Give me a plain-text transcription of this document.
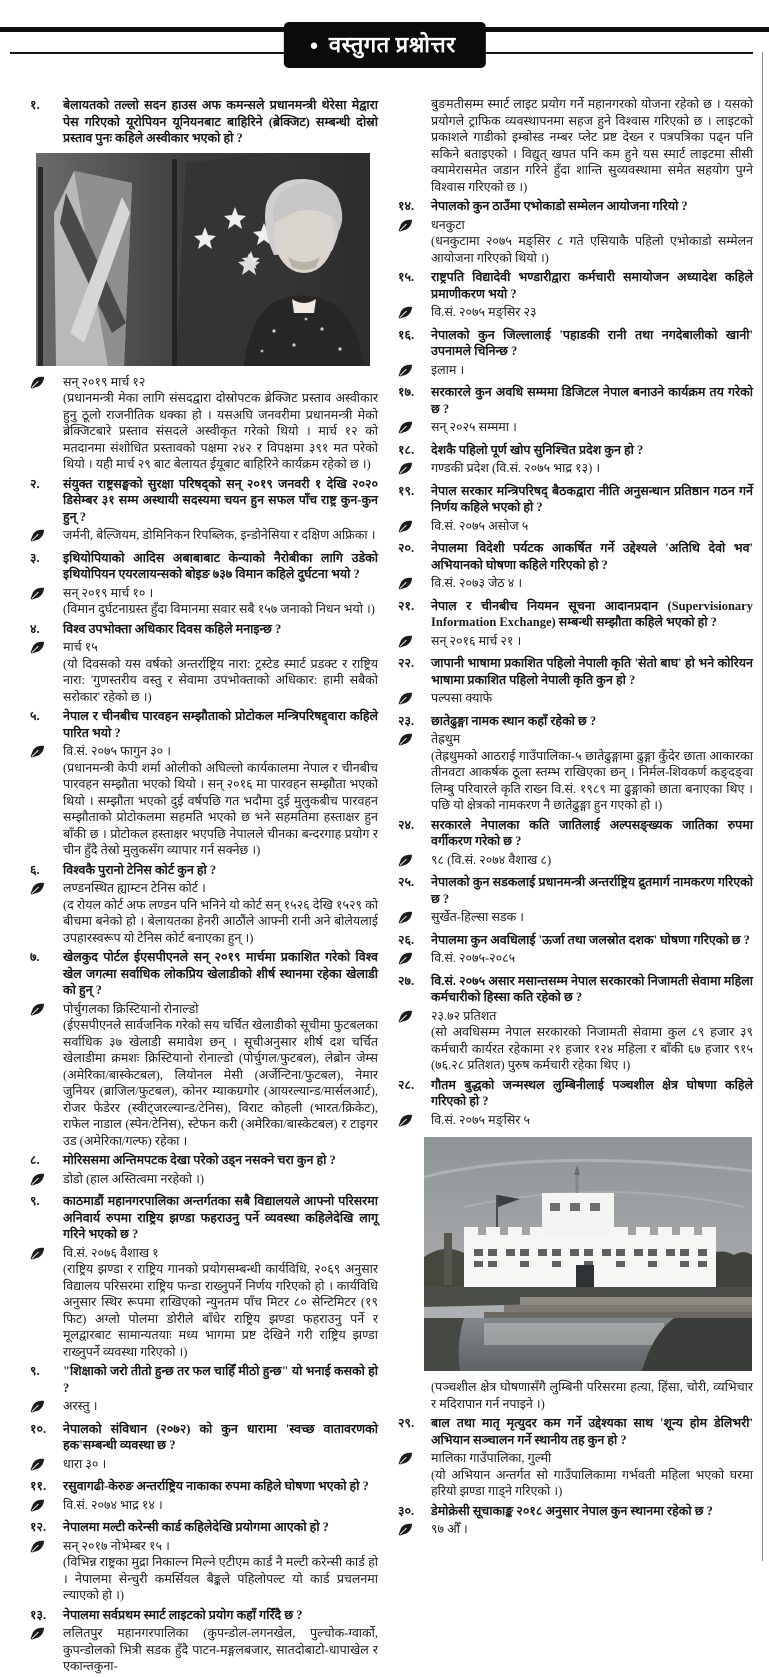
● वस्तुगत प्रश्नोत्तर
१.	बेलायतको तल्लो सदन हाउस अफ कमन्सले प्रधानमन्त्री थेरेसा मेद्वारा पेस गरिएको यूरोपियन यूनियनबाट बाहिरिने (ब्रेक्जिट) सम्बन्धी दोस्रो प्रस्ताव पुनः कहिले अस्वीकार भएको हो ?
सन् २०१९ मार्च १२
(प्रधानमन्त्री मेका लागि संसदद्वारा दोस्रोपटक ब्रेक्जिट प्रस्ताव अस्वीकार हुनु ठूलो राजनीतिक धक्का हो । यसअघि जनवरीमा प्रधानमन्त्री मेको ब्रेक्जिटबारे प्रस्ताव संसदले अस्वीकृत गरेको थियो । मार्च १२ को मतदानमा संशोधित प्रस्तावको पक्षमा २४२ र विपक्षमा ३९१ मत परेको थियो । यही मार्च २९ बाट बेलायत ईयूबाट बाहिरिने कार्यक्रम रहेको छ ।)
२.	संयुक्त राष्ट्रसङ्घको सुरक्षा परिषद्को सन् २०१९ जनवरी १ देखि २०२० डिसेम्बर ३१ सम्म अस्थायी सदस्यमा चयन हुन सफल पाँच राष्ट्र कुन-कुन हुन् ?
जर्मनी, बेल्जियम, डोमिनिकन रिपब्लिक, इन्डोनेसिया र दक्षिण अफ्रिका ।
३.	इथियोपियाको आदिस अबाबाबाट केन्याको नैरोबीका लागि उडेको इथियोपियन एयरलायन्सको बोइङ ७३७ विमान कहिले दुर्घटना भयो ?
सन् २०१९ मार्च १० ।
(विमान दुर्घटनाग्रस्त हुँदा विमानमा सवार सबै १५७ जनाको निधन भयो ।)
४.	विश्व उपभोक्ता अधिकार दिवस कहिले मनाइन्छ ?
मार्च १५
(यो दिवसको यस वर्षको अन्तर्राष्ट्रिय नारा: ट्रस्टेड स्मार्ट प्रडक्ट र राष्ट्रिय नारा: 'गुणस्तरीय वस्तु र सेवामा उपभोक्ताको अधिकार: हामी सबैको सरोकार' रहेको छ ।)
५.	नेपाल र चीनबीच पारवहन सम्झौताको प्रोटोकल मन्त्रिपरिषद्द्वारा कहिले पारित भयो ?
वि.सं. २०७५ फागुन ३० ।
(प्रधानमन्त्री केपी शर्मा ओलीको अघिल्लो कार्यकालमा नेपाल र चीनबीच पारवहन सम्झौता भएको थियो । सन् २०१६ मा पारवहन सम्झौता भएको थियो । सम्झौता भएको दुई वर्षपछि गत भदौमा दुई मुलुकबीच पारवहन सम्झौताको प्रोटोकलमा सहमति भएको छ भने सहमतिमा हस्ताक्षर हुन बाँकी छ । प्रोटोकल हस्ताक्षर भएपछि नेपालले चीनका बन्दरगाह प्रयोग र चीन हुँदै तेस्रो मुलुकसँग व्यापार गर्न सक्नेछ ।)
६.	विश्वकै पुरानो टेनिस कोर्ट कुन हो ?
लण्डनस्थित ह्याम्टन टेनिस कोर्ट ।
(द रोयल कोर्ट अफ लण्डन पनि भनिने यो कोर्ट सन् १५२६ देखि १५२९ को बीचमा बनेको हो । बेलायतका हेनरी आठौंले आफ्नी रानी अने बोलेयलाई उपहारस्वरूप यो टेनिस कोर्ट बनाएका हुन् ।)
७.	खेलकुद पोर्टल ईएसपीएनले सन् २०१९ मार्चमा प्रकाशित गरेको विश्व खेल जगत्मा सर्वाधिक लोकप्रिय खेलाडीको शीर्ष स्थानमा रहेका खेलाडी को हुन् ?
पोर्चुगलका क्रिस्टियानो रोनाल्डो
(ईएसपीएनले सार्वजनिक गरेको सय चर्चित खेलाडीको सूचीमा फुटबलका सर्वाधिक ३७ खेलाडी समावेश छन् । सूचीअनुसार शीर्ष दश चर्चित खेलाडीमा क्रमशः क्रिस्टियानो रोनाल्डो (पोर्चुगल/फुटबल), लेब्रोन जेम्स (अमेरिका/बास्केटबल), लियोनल मेसी (अर्जेन्टिना/फुटबल), नेमार जुनियर (ब्राजिल/फुटबल), कोनर म्याकग्रगोर (आयरल्यान्ड/मार्सलआर्ट), रोजर फेडेरर (स्वीट्जरल्यान्ड/टेनिस), विराट कोहली (भारत/क्रिकेट), राफेल नाडाल (स्पेन/टेनिस), स्टेफन करी (अमेरिका/बास्केटबल) र टाइगर उड (अमेरिका/गल्फ) रहेका ।
८.	मोरिससमा अन्तिमपटक देखा परेको उड्न नसक्ने चरा कुन हो ?
डोडो (हाल अस्तित्वमा नरहेको ।)
९.	काठमाडौं महानगरपालिका अन्तर्गतका सबै विद्यालयले आफ्नो परिसरमा अनिवार्य रुपमा राष्ट्रिय झण्डा फहराउनु पर्ने व्यवस्था कहिलेदेखि लागू गरिने भएको छ ?
वि.सं. २०७६ वैशाख १
(राष्ट्रिय झण्डा र राष्ट्रिय गानको प्रयोगसम्बन्धी कार्यविधि, २०६९ अनुसार विद्यालय परिसरमा राष्ट्रिय फन्डा राख्नुपर्ने निर्णय गरिएको हो । कार्यविधि अनुसार स्थिर रूपमा राखिएको न्युनतम पाँच मिटर ८० सेन्टिमिटर (१९ फिट) अग्लो पोलमा डोरीले बाँधेर राष्ट्रिय झण्डा फहराउनु पर्ने र मूलद्वारबाट सामान्यतयाः मध्य भागमा प्रष्ट देखिने गरी राष्ट्रिय झण्डा राख्नुपर्ने व्यवस्था गरिएको ।)
९.	"शिक्षाको जरो तीतो हुन्छ तर फल चाहिँ मीठो हुन्छ" यो भनाई कसको हो ?
अरस्तु ।
१०.	नेपालको संविधान (२०७२) को कुन धारामा 'स्वच्छ वातावरणको हक'सम्बन्धी व्यवस्था छ ?
धारा ३० ।
११.	रसुवागढी-केरुङ अन्तर्राष्ट्रिय नाकाका रुपमा कहिले घोषणा भएको हो ?
वि.सं. २०७४ भाद्र १४ ।
१२.	नेपालमा मल्टी करेन्सी कार्ड कहिलेदेखि प्रयोगमा आएको हो ?
सन् २०१७ नोभेम्बर १५ ।
(विभिन्न राष्ट्रका मुद्रा निकाल्न मिल्ने एटीएम कार्ड नै मल्टी करेन्सी कार्ड हो । नेपालमा सेन्चुरी कमर्सियल बैङ्कले पहिलोपल्ट यो कार्ड प्रचलनमा ल्याएको हो ।)
१३.	नेपालमा सर्वप्रथम स्मार्ट लाइटको प्रयोग कहाँ गरिँदै छ ?
ललितपुर महानगरपालिका (कुपन्डोल-लगनखेल, पुल्चोक-ग्वार्को, कुपन्डोलको भित्री सडक हुँदै पाटन-मङ्गलबजार, सातदोबाटो-धापाखेल र एकान्तकुना-
बुङमतीसम्म स्मार्ट लाइट प्रयोग गर्ने महानगरको योजना रहेको छ । यसको प्रयोगले ट्राफिक व्यवस्थापनमा सहज हुने विश्वास गरिएको छ । लाइटको प्रकाशले गाडीको इम्बोस्ड नम्बर प्लेट प्रष्ट देख्न र पत्रपत्रिका पढ्न पनि सकिने बताइएको । विद्युत् खपत पनि कम हुने यस स्मार्ट लाइटमा सीसी क्यामेरासमेत जडान गरिने हुँदा शान्ति सुव्यवस्थामा समेत सहयोग पुग्ने विश्वास गरिएको छ ।)
१४.	नेपालको कुन ठाउँमा एभोकाडो सम्मेलन आयोजना गरियो ?
धनकुटा
(धनकुटामा २०७५ मङ्सिर ८ गते एसियाकै पहिलो एभोकाडो सम्मेलन आयोजना गरिएको थियो ।)
१५.	राष्ट्रपति विद्यादेवी भण्डारीद्वारा कर्मचारी समायोजन अध्यादेश कहिले प्रमाणीकरण भयो ?
वि.सं. २०७५ मङ्सिर २३
१६.	नेपालको कुन जिल्लालाई 'पहाडकी रानी तथा नगदेबालीको खानी' उपनामले चिनिन्छ ?
इलाम ।
१७.	सरकारले कुन अवधि सम्ममा डिजिटल नेपाल बनाउने कार्यक्रम तय गरेको छ ?
सन् २०२५ सम्ममा ।
१८.	देशकै पहिलो पूर्ण खोप सुनिश्चित प्रदेश कुन हो ?
गण्डकी प्रदेश (वि.सं. २०७५ भाद्र १३) ।
१९.	नेपाल सरकार मन्त्रिपरिषद् बैठकद्वारा नीति अनुसन्धान प्रतिष्ठान गठन गर्ने निर्णय कहिले भएको हो ?
वि.सं. २०७५ असोज ५
२०.	नेपालमा विदेशी पर्यटक आकर्षित गर्ने उद्देश्यले 'अतिथि देवो भव' अभियानको घोषणा कहिले गरिएको हो ?
वि.सं. २०७३ जेठ ४ ।
२१.	नेपाल र चीनबीच नियमन सूचना आदानप्रदान (Supervisionary Information Exchange) सम्बन्धी सम्झौता कहिले भएको हो ?
सन् २०१६ मार्च २१ ।
२२.	जापानी भाषामा प्रकाशित पहिलो नेपाली कृति 'सेतो बाघ' हो भने कोरियन भाषामा प्रकाशित पहिलो नेपाली कृति कुन हो ?
पल्पसा क्याफे
२३.	छातेढुङ्गा नामक स्थान कहाँ रहेको छ ?
तेह्रथुम
(तेह्रथुमको आठराई गाउँपालिका-५ छातेढुङ्गामा ढुङ्गा कुँदेर छाता आकारका तीनवटा आकर्षक ठूला स्तम्भ राखिएका छन् । निर्मल-शिवकर्ण कङ्दङ्वा लिम्बु परिवारले कृति राख्न वि.सं. १९८९ मा ढुङ्गाको छाता बनाएका थिए । पछि यो क्षेत्रको नामकरण नै छातेढुङ्गा हुन गएको हो ।)
२४.	सरकारले नेपालका कति जातिलाई अल्पसङ्ख्यक जातिका रुपमा वर्गीकरण गरेको छ ?
९८ (वि.सं. २०७४ वैशाख ८)
२५.	नेपालको कुन सडकलाई प्रधानमन्त्री अन्तर्राष्ट्रिय द्रुतमार्ग नामकरण गरिएको छ ?
सुर्खेत-हिल्सा सडक ।
२६.	नेपालमा कुन अवधिलाई 'ऊर्जा तथा जलस्रोत दशक' घोषणा गरिएको छ ?
वि.सं. २०७५-२०८५
२७.	वि.सं. २०७५ असार मसान्तसम्म नेपाल सरकारको निजामती सेवामा महिला कर्मचारीको हिस्सा कति रहेको छ ?
२३.७२ प्रतिशत
(सो अवधिसम्म नेपाल सरकारको निजामती सेवामा कुल ८९ हजार ३९ कर्मचारी कार्यरत रहेकामा २१ हजार १२४ महिला र बाँकी ६७ हजार ९१५ (७६.२८ प्रतिशत) पुरुष कर्मचारी रहेका थिए ।)
२८.	गौतम बुद्धको जन्मस्थल लुम्बिनीलाई पञ्चशील क्षेत्र घोषणा कहिले गरिएको हो ?
वि.सं. २०७५ मङ्सिर ५
(पञ्चशील क्षेत्र घोषणासँगै लुम्बिनी परिसरमा हत्या, हिंसा, चोरी, व्यभिचार र मदिरापान गर्न नपाइने ।)
२९.	बाल तथा मातृ मृत्युदर कम गर्ने उद्देश्यका साथ 'शून्य होम डेलिभरी' अभियान सञ्चालन गर्ने स्थानीय तह कुन हो ?
मालिका गाउँपालिका, गुल्मी
(यो अभियान अन्तर्गत सो गाउँपालिकामा गर्भवती महिला भएको घरमा हरियो झण्डा गाड्ने गरिएको ।)
३०.	डेमोक्रेसी सूचाकाङ्क २०१८ अनुसार नेपाल कुन स्थानमा रहेको छ ?
९७ औँ ।
